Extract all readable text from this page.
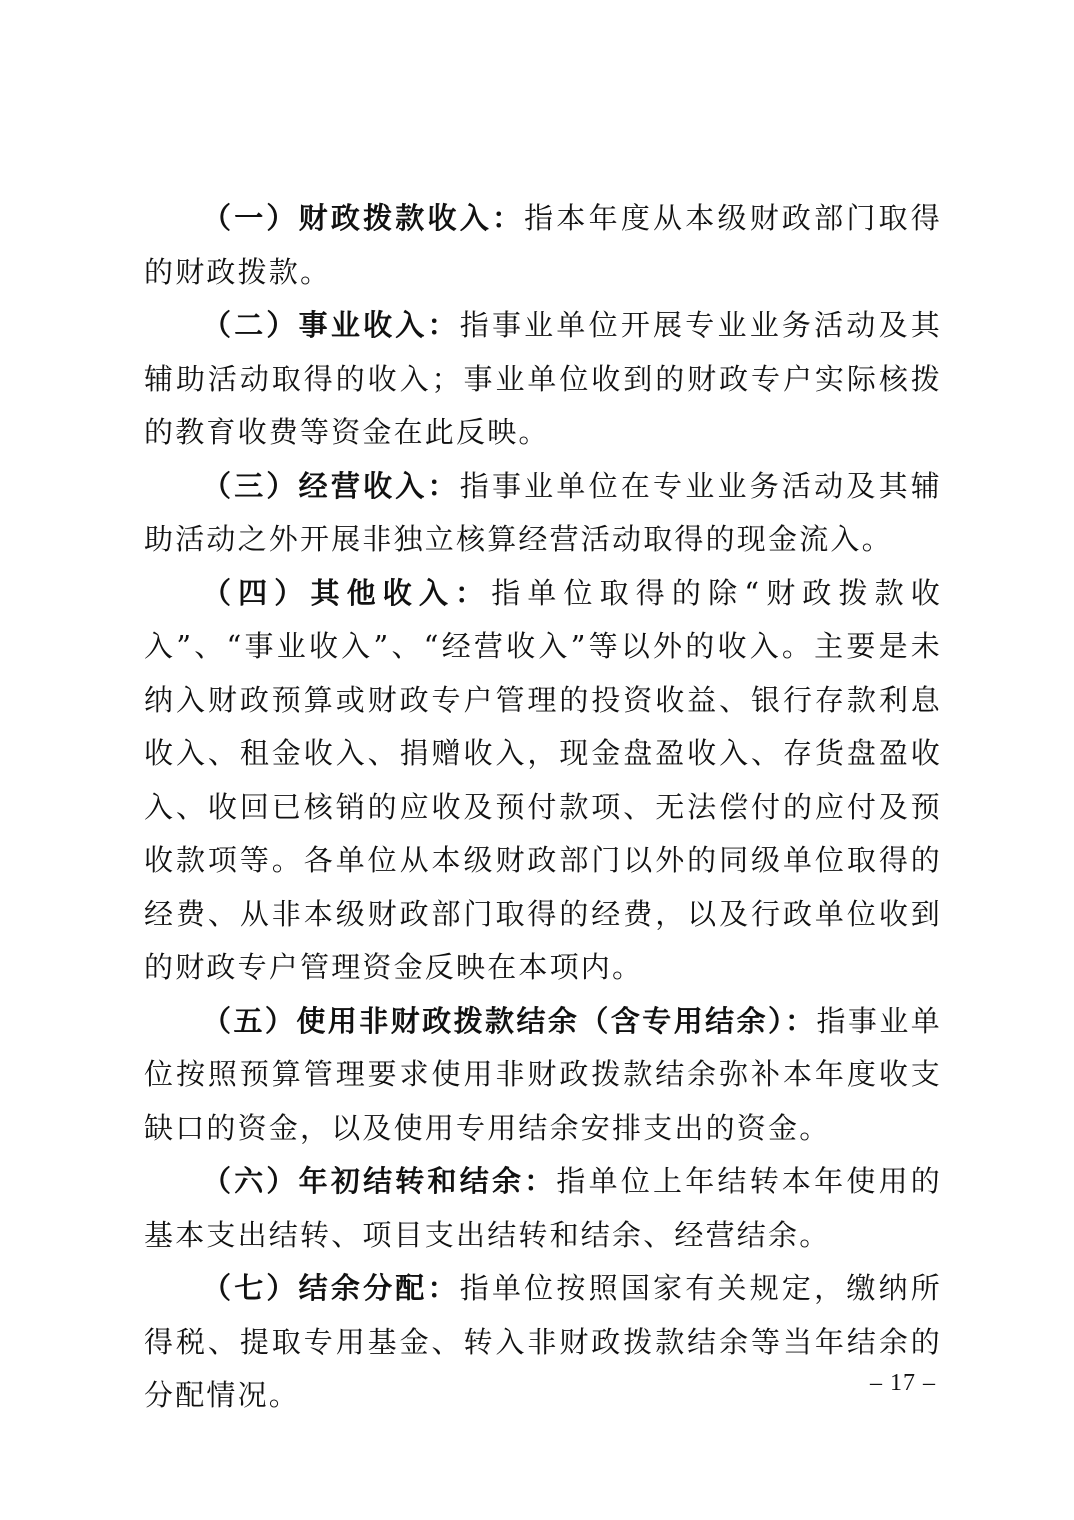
（一）财政拨款收入：指本年度从本级财政部门取得的财政拨款。

（二）事业收入：指事业单位开展专业业务活动及其辅助活动取得的收入；事业单位收到的财政专户实际核拨的教育收费等资金在此反映。

（三）经营收入：指事业单位在专业业务活动及其辅助活动之外开展非独立核算经营活动取得的现金流入。

（四）其他收入：指单位取得的除“财政拨款收入”、“事业收入”、“经营收入”等以外的收入。主要是未纳入财政预算或财政专户管理的投资收益、银行存款利息收入、租金收入、捐赠收入，现金盘盈收入、存货盘盈收入、收回已核销的应收及预付款项、无法偿付的应付及预收款项等。各单位从本级财政部门以外的同级单位取得的经费、从非本级财政部门取得的经费，以及行政单位收到的财政专户管理资金反映在本项内。

（五）使用非财政拨款结余（含专用结余）：指事业单位按照预算管理要求使用非财政拨款结余弥补本年度收支缺口的资金，以及使用专用结余安排支出的资金。

（六）年初结转和结余：指单位上年结转本年使用的基本支出结转、项目支出结转和结余、经营结余。

（七）结余分配：指单位按照国家有关规定，缴纳所得税、提取专用基金、转入非财政拨款结余等当年结余的分配情况。	– 17 –
